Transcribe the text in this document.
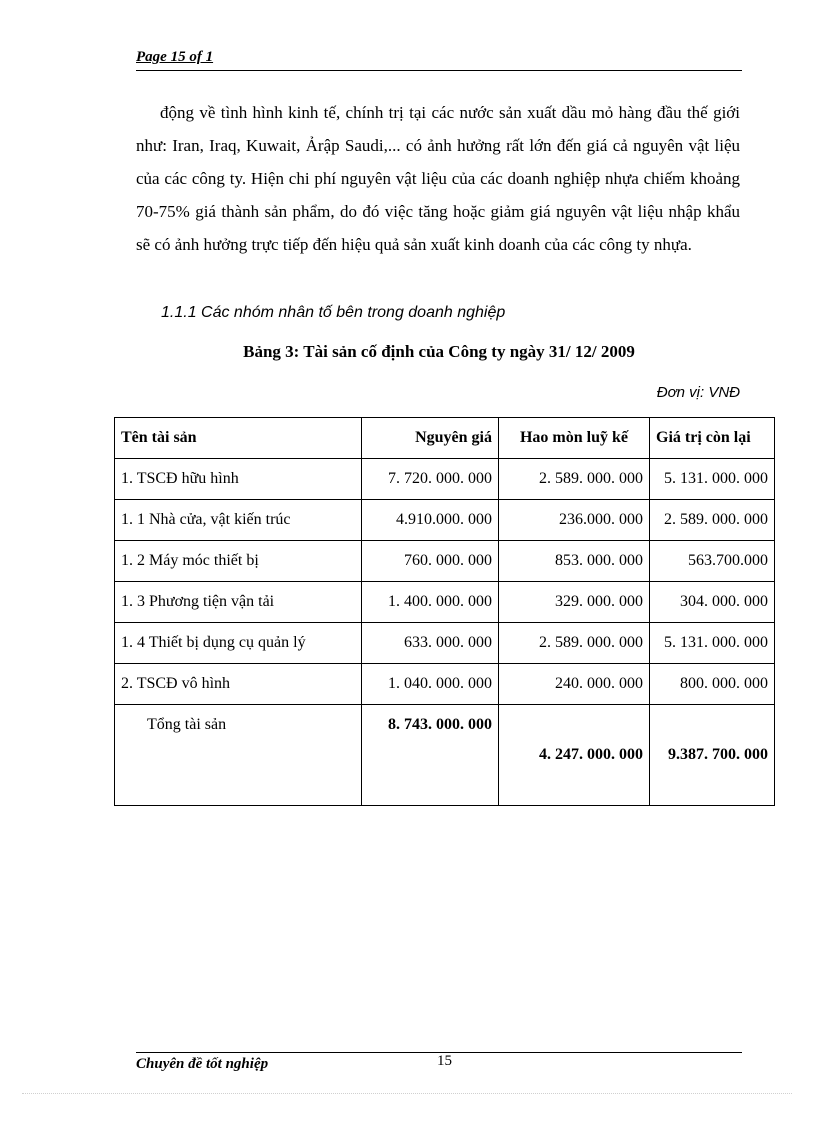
Page 15 of 1

động về tình hình kinh tế, chính trị tại các nước sản xuất dầu mỏ hàng đầu thế giới như: Iran, Iraq, Kuwait, Ảrập Saudi,... có ảnh hưởng rất lớn đến giá cả nguyên vật liệu của các công ty. Hiện chi phí nguyên vật liệu của các doanh nghiệp nhựa chiếm khoảng 70-75% giá thành sản phẩm, do đó việc tăng hoặc giảm giá nguyên vật liệu nhập khẩu sẽ có ảnh hưởng trực tiếp đến hiệu quả sản xuất kinh doanh của các công ty nhựa.

1.1.1 Các nhóm nhân tố bên trong doanh nghiệp
Bảng 3: Tài sản cố định của Công ty ngày 31/ 12/ 2009
Đơn vị: VNĐ
Tên tài sản	Nguyên giá	Hao mòn luỹ kế	Giá trị còn lại
1. TSCĐ hữu hình	7. 720. 000. 000	2. 589. 000. 000	5. 131. 000. 000
1. 1 Nhà cửa, vật kiến trúc	4.910.000. 000	236.000. 000	2. 589. 000. 000
1. 2 Máy móc thiết bị	760. 000. 000	853. 000. 000	563.700.000
1. 3 Phương tiện vận tải	1. 400. 000. 000	329. 000. 000	304. 000. 000
1. 4 Thiết bị dụng cụ quản lý	633. 000. 000	2. 589. 000. 000	5. 131. 000. 000
2. TSCĐ vô hình	1. 040. 000. 000	240. 000. 000	800. 000. 000
Tổng tài sản	8. 743. 000. 000	4. 247. 000. 000	9.387. 700. 000
Chuyên đề tốt nghiệp	15
